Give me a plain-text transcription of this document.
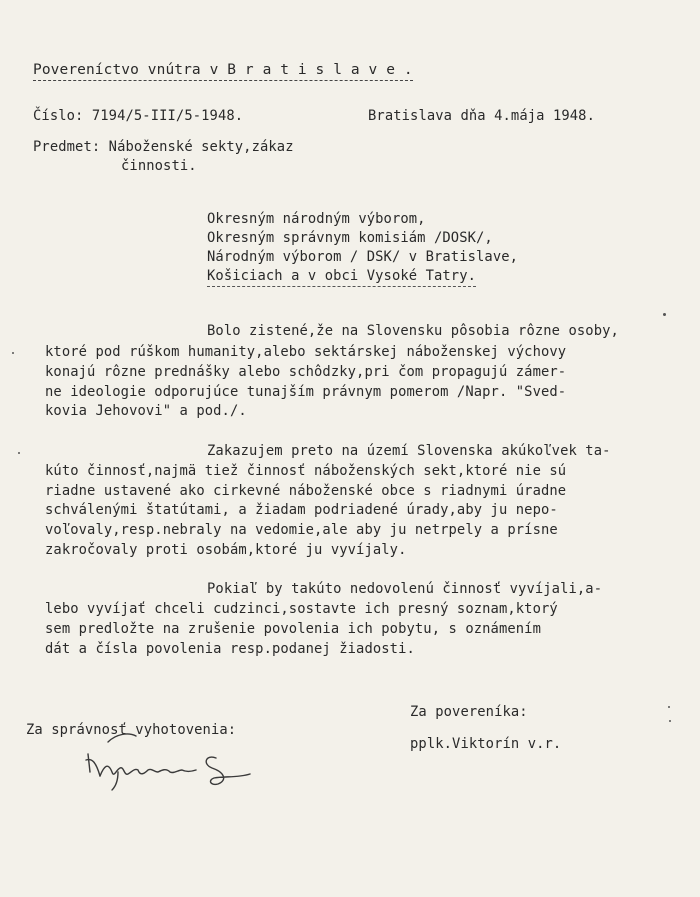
Povereníctvo vnútra v B r a t i s l a v e .
Číslo: 7194/5-III/5-1948.	Bratislava dňa 4.mája 1948.
Predmet: Náboženské sekty,zákaz
činnosti.
Okresným národným výborom,
Okresným správnym komisiám /DOSK/,
Národným výborom / DSK/ v Bratislave,
Košiciach a v obci Vysoké Tatry.
Bolo zistené,že na Slovensku pôsobia rôzne osoby,
ktoré pod rúškom humanity,alebo sektárskej náboženskej výchovy
konajú rôzne prednášky alebo schôdzky,pri čom propagujú zámer-
ne ideologie odporujúce tunajším právnym pomerom /Napr. "Sved-
kovia Jehovovi" a pod./.
Zakazujem preto na území Slovenska akúkoľvek ta-
kúto činnosť,najmä tiež činnosť náboženských sekt,ktoré nie sú
riadne ustavené ako cirkevné náboženské obce s riadnymi úradne
schválenými štatútami, a žiadam podriadené úrady,aby ju nepo-
voľovaly,resp.nebraly na vedomie,ale aby ju netrpely a prísne
zakročovaly proti osobám,ktoré ju vyvíjaly.
Pokiaľ by takúto nedovolenú činnosť vyvíjali,a-
lebo vyvíjať chceli cudzinci,sostavte ich presný soznam,ktorý
sem predložte na zrušenie povolenia ich pobytu, s oznámením
dát a čísla povolenia resp.podanej žiadosti.
Za povereníka:
Za správnosť vyhotovenia:
pplk.Viktorín v.r.
